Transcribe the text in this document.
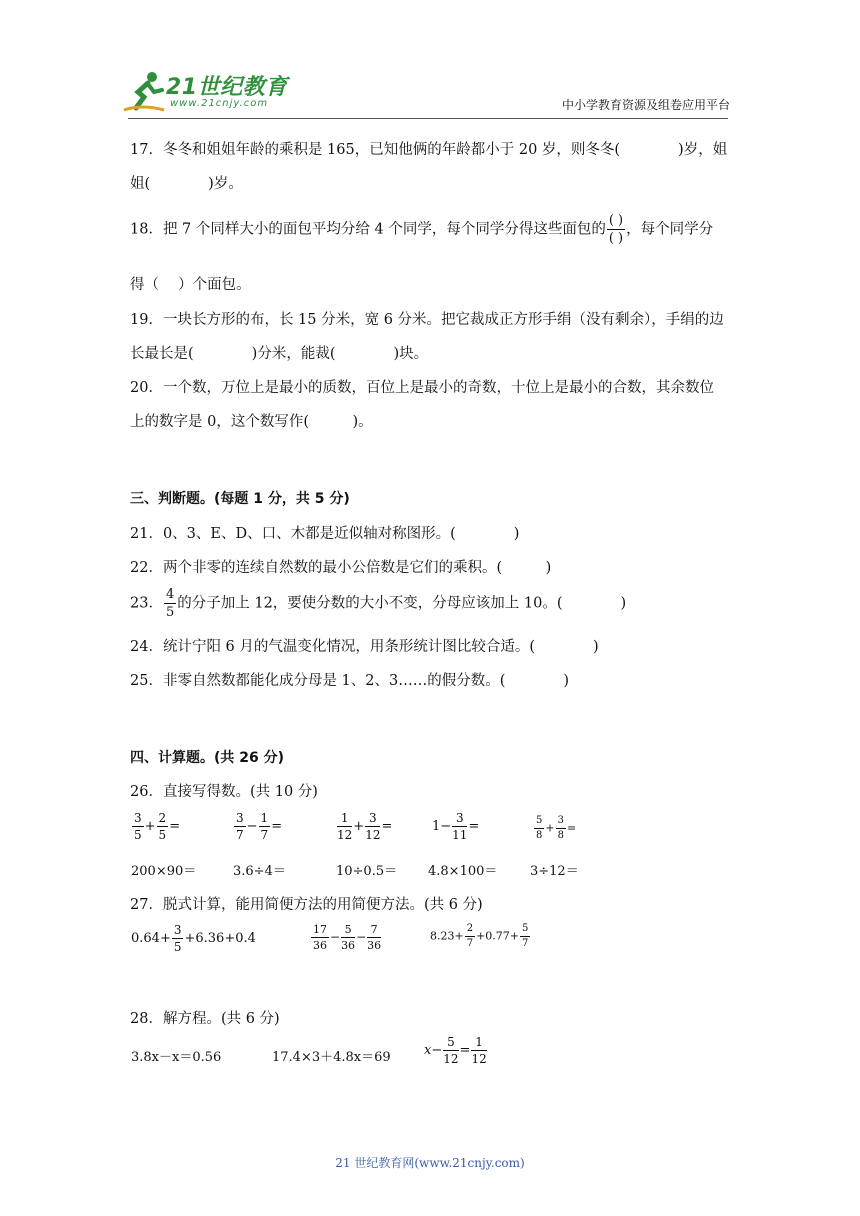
21世纪教育
www.21cnjy.com	中小学教育资源及组卷应用平台
17．冬冬和姐姐年龄的乘积是 165，已知他俩的年龄都小于 20 岁，则冬冬(　　　　)岁，姐
姐(　　　　)岁。
18．把 7 个同样大小的面包平均分给 4 个同学，每个同学分得这些面包的 $\frac{( )}{( )}$ ，每个同学分
得（　 ）个面包。
19．一块长方形的布，长 15 分米，宽 6 分米。把它裁成正方形手绢（没有剩余），手绢的边
长最长是(　　　　)分米，能裁(　　　　)块。
20．一个数，万位上是最小的质数，百位上是最小的奇数，十位上是最小的合数，其余数位
上的数字是 0，这个数写作(　　　)。
三、判断题。(每题 1 分，共 5 分)
21．0、3、E、D、口、木都是近似轴对称图形。(　　　　)
22．两个非零的连续自然数的最小公倍数是它们的乘积。(　　　)
23． $\frac{4}{5}$ 的分子加上 12，要使分数的大小不变，分母应该加上 10。(　　　　)
24．统计宁阳 6 月的气温变化情况，用条形统计图比较合适。(　　　　)
25．非零自然数都能化成分母是 1、2、3……的假分数。(　　　　)
四、计算题。(共 26 分)
26．直接写得数。(共 10 分)
$\frac{3}{5} + \frac{2}{5}$ =	$\frac{3}{7} - \frac{1}{7}$ =	$\frac{1}{12} + \frac{3}{12}$ =	$1- \frac{3}{11}$ =	$\frac{5}{8} + \frac{3}{8}$ =
200×90＝	3.6÷4＝	10÷0.5＝ 4.8×100＝	3÷12＝
27．脱式计算，能用简便方法的用简便方法。(共 6 分)
$0.64+ \frac{3}{5} +6.36+0.4$	$\frac{17}{36} - \frac{5}{36} - \frac{7}{36}$	$8.23+ \frac{2}{7} +0.77+ \frac{5}{7}$
28．解方程。(共 6 分)
3.8x－x＝0.56	17.4×3＋4.8x＝69	$x- \frac{5}{12} = \frac{1}{12}$
21 世纪教育网(www.21cnjy.com)
